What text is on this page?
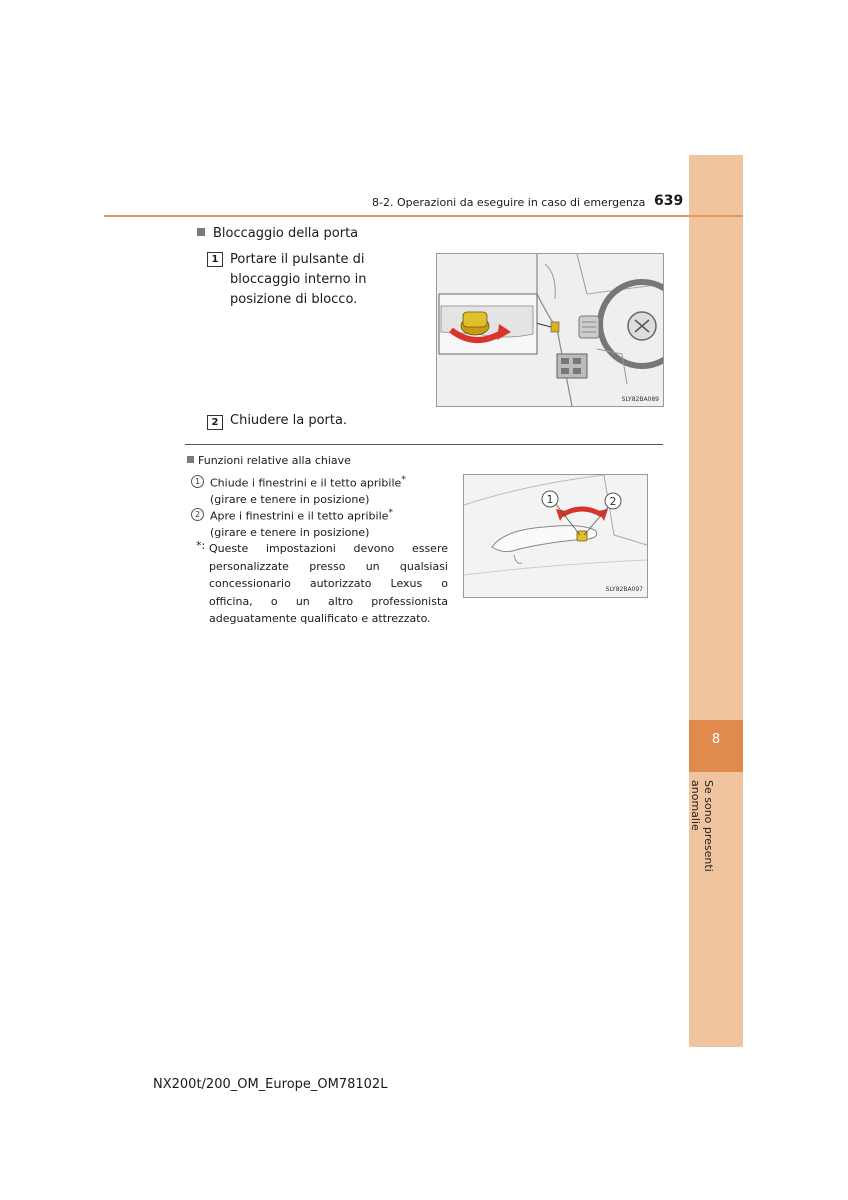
8
Se sono presenti anomalie
8-2. Operazioni da eseguire in caso di emergenza 639
Bloccaggio della porta
1 Portare il pulsante di bloccaggio interno in posizione di blocco.
SLY82BA089
2 Chiudere la porta.
Funzioni relative alla chiave
1 Chiude i finestrini e il tetto apribile*
(girare e tenere in posizione)
2 Apre i finestrini e il tetto apribile*
(girare e tenere in posizione)
*: Queste impostazioni devono essere personalizzate presso un qualsiasi concessionario autorizzato Lexus o officina, o un altro professionista adeguatamente qualificato e attrezzato.
1	2
SLY82BA097
NX200t/200_OM_Europe_OM78102L
